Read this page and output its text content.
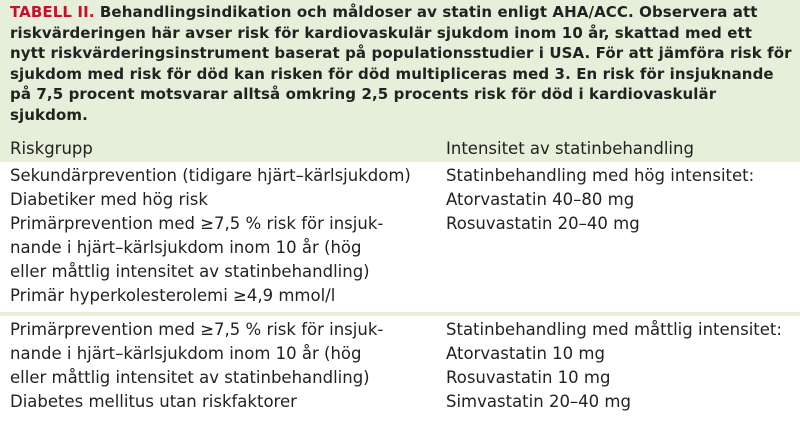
TABELL II. Behandlingsindikation och måldoser av statin enligt AHA/ACC. Observera att riskvärderingen här avser risk för kardiovaskulär sjukdom inom 10 år, skattad med ett nytt riskvärderingsinstrument baserat på populationsstudier i USA. För att jämföra risk för sjukdom med risk för död kan risken för död multipliceras med 3. En risk för insjuknande på 7,5 procent motsvarar alltså omkring 2,5 procents risk för död i kardiovaskulär sjukdom.
Riskgrupp	Intensitet av statinbehandling
Sekundärprevention (tidigare hjärt–kärlsjukdom)
Diabetiker med hög risk
Primärprevention med ≥7,5 % risk för insjuk-
nande i hjärt–kärlsjukdom inom 10 år (hög
eller måttlig intensitet av statinbehandling)
Primär hyperkolesterolemi ≥4,9 mmol/l
Statinbehandling med hög intensitet:
Atorvastatin 40–80 mg
Rosuvastatin 20–40 mg
Primärprevention med ≥7,5 % risk för insjuk-
nande i hjärt–kärlsjukdom inom 10 år (hög
eller måttlig intensitet av statinbehandling)
Diabetes mellitus utan riskfaktorer
Statinbehandling med måttlig intensitet:
Atorvastatin 10 mg
Rosuvastatin 10 mg
Simvastatin 20–40 mg
